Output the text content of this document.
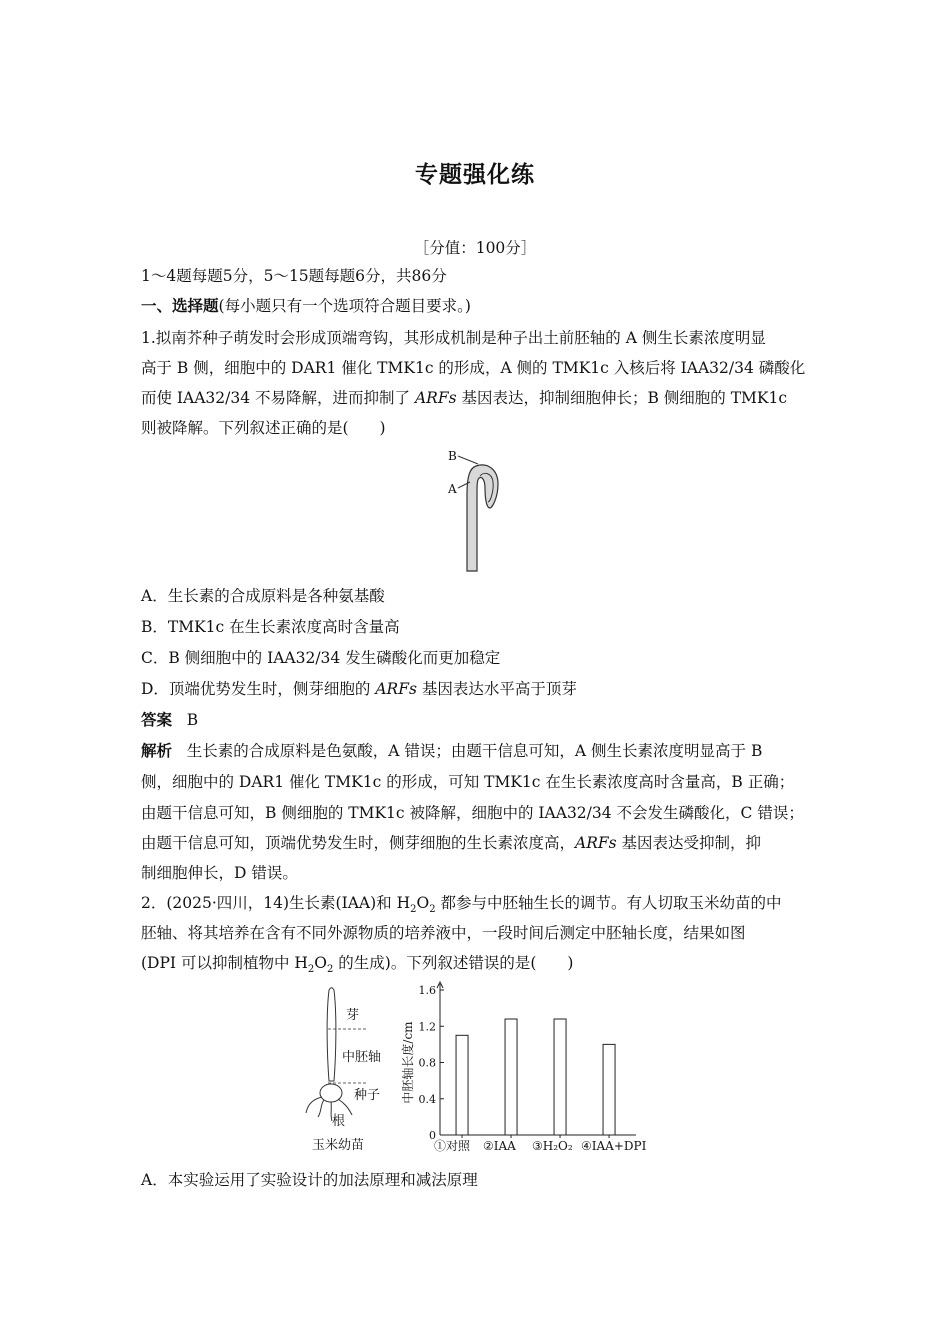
专题强化练
［分值：100分］
1～4题每题5分，5～15题每题6分，共86分
一、选择题(每小题只有一个选项符合题目要求。)
1.拟南芥种子萌发时会形成顶端弯钩，其形成机制是种子出土前胚轴的 A 侧生长素浓度明显
高于 B 侧，细胞中的 DAR1 催化 TMK1c 的形成，A 侧的 TMK1c 入核后将 IAA32/34 磷酸化
而使 IAA32/34 不易降解，进而抑制了 ARFs 基因表达，抑制细胞伸长；B 侧细胞的 TMK1c
则被降解。下列叙述正确的是(　　)
B
A
A．生长素的合成原料是各种氨基酸
B．TMK1c 在生长素浓度高时含量高
C．B 侧细胞中的 IAA32/34 发生磷酸化而更加稳定
D．顶端优势发生时，侧芽细胞的 ARFs 基因表达水平高于顶芽
答案 B
解析 生长素的合成原料是色氨酸，A 错误；由题干信息可知，A 侧生长素浓度明显高于 B
侧，细胞中的 DAR1 催化 TMK1c 的形成，可知 TMK1c 在生长素浓度高时含量高，B 正确；
由题干信息可知，B 侧细胞的 TMK1c 被降解，细胞中的 IAA32/34 不会发生磷酸化，C 错误；
由题干信息可知，顶端优势发生时，侧芽细胞的生长素浓度高，ARFs 基因表达受抑制，抑
制细胞伸长，D 错误。
2．(2025·四川，14)生长素(IAA)和 $H_2O_2$ 都参与中胚轴生长的调节。有人切取玉米幼苗的中
胚轴、将其培养在含有不同外源物质的培养液中，一段时间后测定中胚轴长度，结果如图
(DPI 可以抑制植物中 $H_2O_2$ 的生成)。下列叙述错误的是(　　)
芽
中胚轴
种子
根
玉米幼苗
0
0.4
0.8
1.2
1.6
中胚轴长度/cm
①对照 ②IAA ③H₂O₂ ④IAA+DPI
A．本实验运用了实验设计的加法原理和减法原理
